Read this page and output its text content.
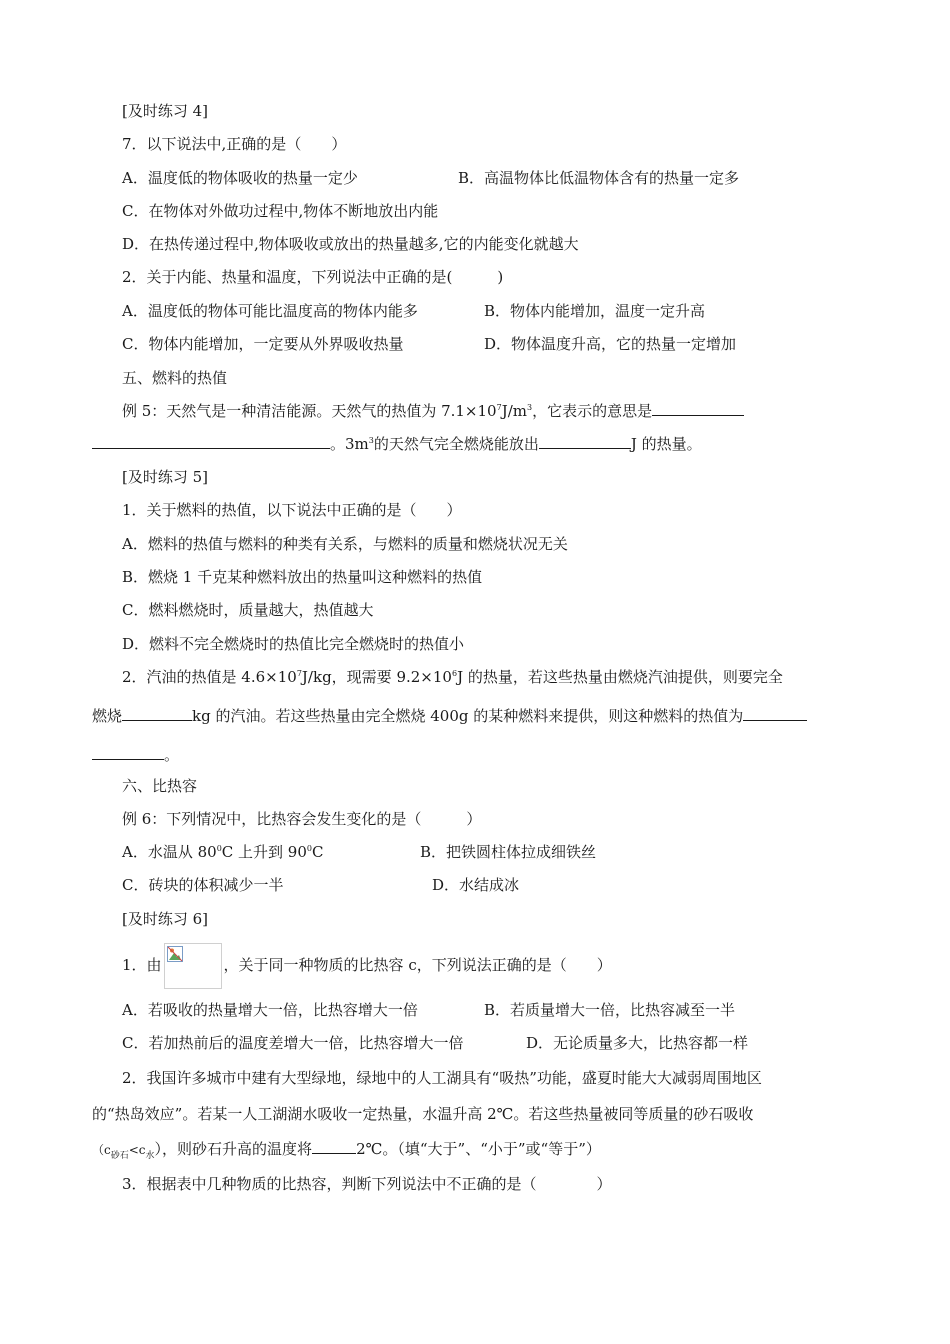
[及时练习 4]
7．以下说法中,正确的是（　　）
A．温度低的物体吸收的热量一定少	B．高温物体比低温物体含有的热量一定多
C．在物体对外做功过程中,物体不断地放出内能
D．在热传递过程中,物体吸收或放出的热量越多,它的内能变化就越大
2．关于内能、热量和温度，下列说法中正确的是(　　　)
A．温度低的物体可能比温度高的物体内能多	B．物体内能增加，温度一定升高
C．物体内能增加，一定要从外界吸收热量	D．物体温度升高，它的热量一定增加
五、燃料的热值
例 5：天然气是一种清洁能源。天然气的热值为 $7.1\times 10^7J/m^3$，它表示的意思是
。$3m^3$的天然气完全燃烧能放出	J 的热量。
[及时练习 5]
1．关于燃料的热值，以下说法中正确的是（　　）
A．燃料的热值与燃料的种类有关系，与燃料的质量和燃烧状况无关
B．燃烧 1 千克某种燃料放出的热量叫这种燃料的热值
C．燃料燃烧时，质量越大，热值越大
D．燃料不完全燃烧时的热值比完全燃烧时的热值小
2．汽油的热值是 $4.6\times 10^7J/kg$，现需要 $9.2\times 10^6J$ 的热量，若这些热量由燃烧汽油提供，则要完全
燃烧	kg 的汽油。若这些热量由完全燃烧 400g 的某种燃料来提供，则这种燃料的热值为
。
六、比热容
例 6：下列情况中，比热容会发生变化的是（　　　）
A．水温从 $80^0C$ 上升到 $90^0C$	B．把铁圆柱体拉成细铁丝
C．砖块的体积减少一半	D．水结成冰
[及时练习 6]
1．由	，关于同一种物质的比热容 c，下列说法正确的是（　　）
A．若吸收的热量增大一倍，比热容增大一倍	B．若质量增大一倍，比热容减至一半
C．若加热前后的温度差增大一倍，比热容增大一倍	D．无论质量多大，比热容都一样
2．我国许多城市中建有大型绿地，绿地中的人工湖具有“吸热”功能，盛夏时能大大减弱周围地区
的“热岛效应”。若某一人工湖湖水吸收一定热量，水温升高 2℃。若这些热量被同等质量的砂石吸收
$(c_{砂石}<c_水)$，则砂石升高的温度将	2℃。（填“大于”、“小于”或“等于”）
3．根据表中几种物质的比热容，判断下列说法中不正确的是（　　　　）
